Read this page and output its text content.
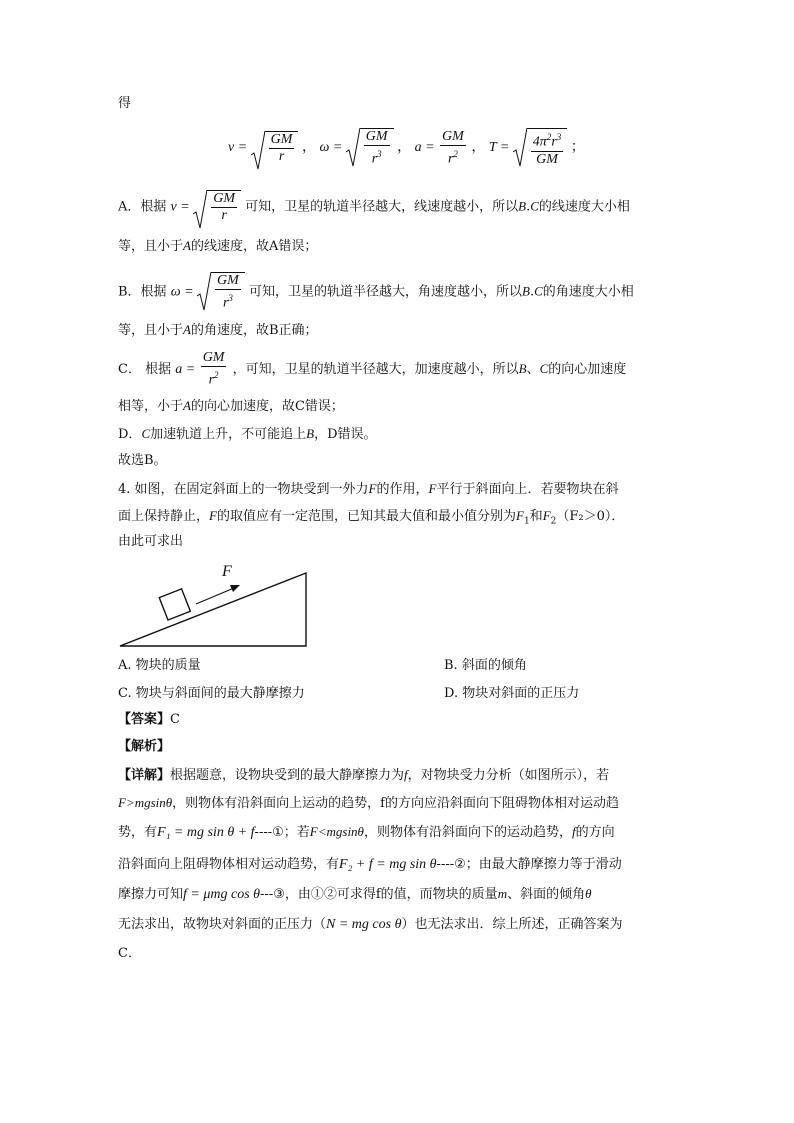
得
$v = \frac{GM}{r}$ ， $\omega = \frac{GM}{r^3}$ ， $a = \frac{GM}{r^2}$ ， $T = \frac{4\pi^2r^3}{GM}$ ；
A．根据 $v = \frac{GM}{r}$ 可知，卫星的轨道半径越大，线速度越小，所以B.C的线速度大小相
等，且小于A的线速度，故A错误；
B．根据 $\omega = \frac{GM}{r^3}$ 可知，卫星的轨道半径越大，角速度越小，所以B.C的角速度大小相
等，且小于A的角速度，故B正确；
C． 根据 $a = \frac{GM}{r^2}$ ，可知，卫星的轨道半径越大，加速度越小，所以B、C的向心加速度
相等，小于A的向心加速度，故C错误；
D．C加速轨道上升，不可能追上B，D错误。
故选B。
4. 如图，在固定斜面上的一物块受到一外力F的作用，F平行于斜面向上．若要物块在斜
面上保持静止，F的取值应有一定范围，已知其最大值和最小值分别为$F_1$和$F_2(F_2>0)$．
由此可求出
F
A. 物块的质量	B. 斜面的倾角
C. 物块与斜面间的最大静摩擦力	D. 物块对斜面的正压力
【答案】C
【解析】
【详解】根据题意，设物块受到的最大静摩擦力为f，对物块受力分析（如图所示），若
F>mgsinθ，则物体有沿斜面向上运动的趋势，f的方向应沿斜面向下阻碍物体相对运动趋
势，有F₁ = mg sin θ + f----①；若F<mgsinθ，则物体有沿斜面向下的运动趋势，f的方向
沿斜面向上阻碍物体相对运动趋势，有F₂ + f = mg sin θ----②；由最大静摩擦力等于滑动
摩擦力可知f = μmg cos θ---③，由①②可求得f的值，而物块的质量m、斜面的倾角θ
无法求出，故物块对斜面的正压力（N = mg cos θ）也无法求出．综上所述，正确答案为
C．
